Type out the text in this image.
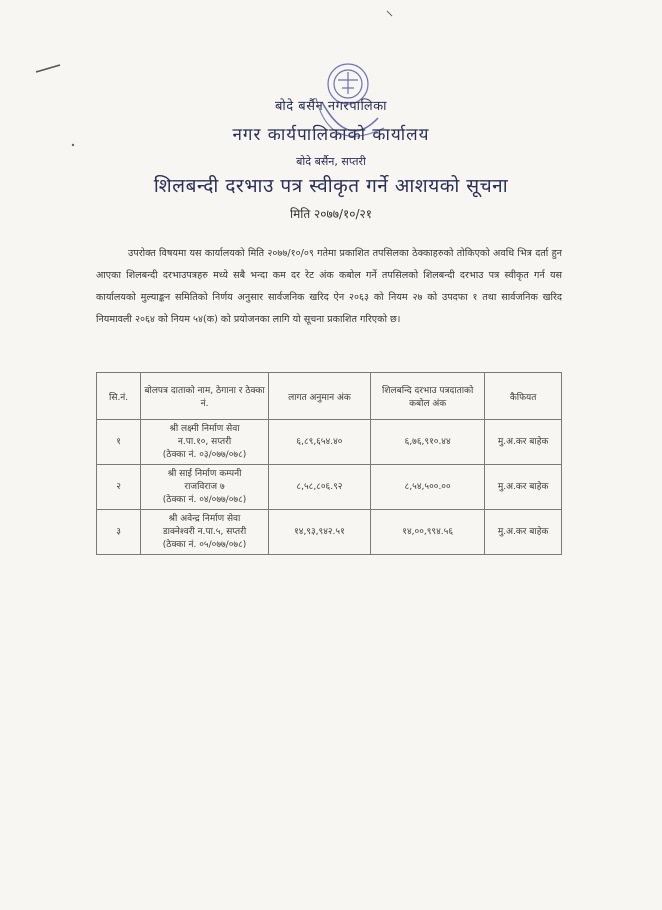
बोदे बर्सैन नगरपालिका
नगर कार्यपालिकाको कार्यालय
बोदे बर्सैन, सप्तरी
शिलबन्दी दरभाउ पत्र स्वीकृत गर्ने आशयको सूचना
मिति २०७७/१०/२१
उपरोक्त विषयमा यस कार्यालयको मिति २०७७/१०/०९ गतेमा प्रकाशित तपसिलका ठेक्काहरुको तोकिएको अवधि भित्र दर्ता हुन आएका शिलबन्दी दरभाउपत्रहरु मध्ये सबै भन्दा कम दर रेट अंक कबोल गर्ने तपसिलको शिलबन्दी दरभाउ पत्र स्वीकृत गर्न यस कार्यालयको मुल्याङ्कन समितिको निर्णय अनुसार सार्वजनिक खरिद ऐन २०६३ को नियम २७ को उपदफा १ तथा सार्वजनिक खरिद नियमावली २०६४ को नियम ५४(क) को प्रयोजनका लागि यो सूचना प्रकाशित गरिएको छ।
सि.नं.	बोलपत्र दाताको नाम, ठेगाना र ठेक्का नं.	लागत अनुमान अंक	शिलबन्दि दरभाउ पत्रदाताको कबोल अंक	कैफियत
१	श्री लक्ष्मी निर्माण सेवा
न.पा.१०, सप्तरी
(ठेक्का नं. ०३/०७७/०७८)	६,८९,६५४.४०	६,७६,९१०.४४	मु.अ.कर बाहेक
२	श्री साई निर्माण कम्पनी
राजविराज ७
(ठेक्का नं. ०४/०७७/०७८)	८,५८,८०६.९२	८,५४,५००.००	मु.अ.कर बाहेक
३	श्री अवेन्द्र निर्माण सेवा
डाक्नेश्वरी न.पा.५, सप्तरी
(ठेक्का नं. ०५/०७७/०७८)	१४,९३,९४२.५१	१४,००,९९४.५६	मु.अ.कर बाहेक
